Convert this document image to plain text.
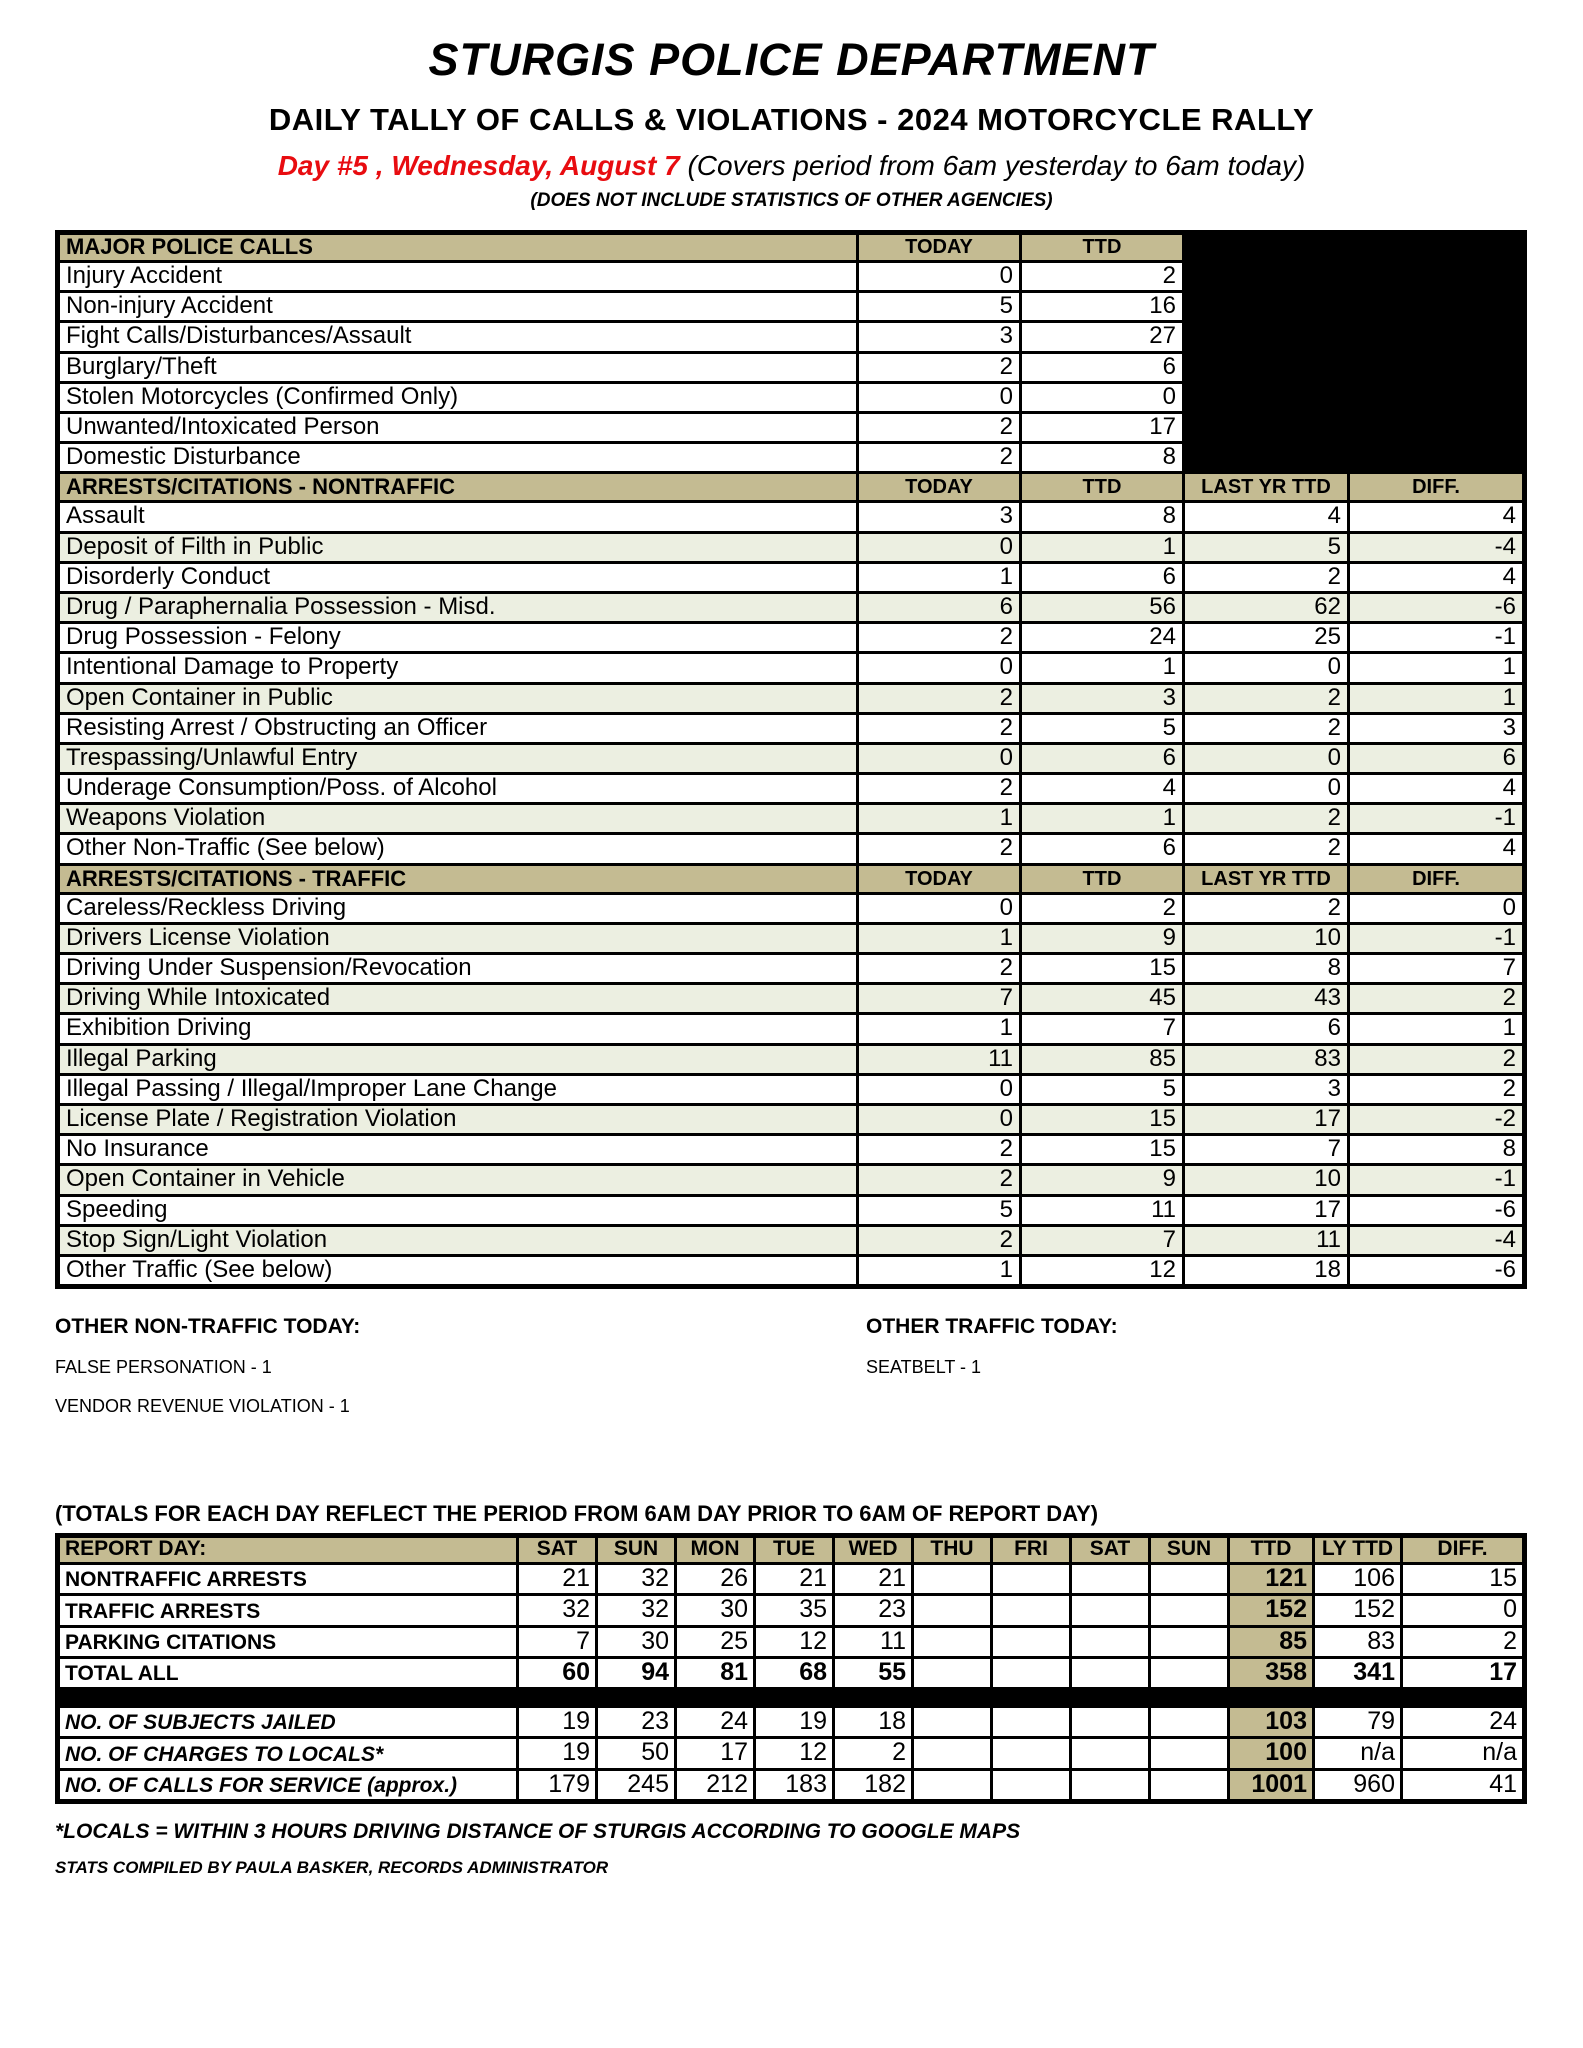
STURGIS POLICE DEPARTMENT
DAILY TALLY OF CALLS & VIOLATIONS - 2024 MOTORCYCLE RALLY
Day #5 , Wednesday, August 7 (Covers period from 6am yesterday to 6am today)
(DOES NOT INCLUDE STATISTICS OF OTHER AGENCIES)
MAJOR POLICE CALLS	TODAY	TTD		
Injury Accident	0	2		
Non-injury Accident	5	16		
Fight Calls/Disturbances/Assault	3	27		
Burglary/Theft	2	6		
Stolen Motorcycles (Confirmed Only)	0	0		
Unwanted/Intoxicated Person	2	17		
Domestic Disturbance	2	8		
ARRESTS/CITATIONS - NONTRAFFIC	TODAY	TTD	LAST YR TTD	DIFF.
Assault	3	8	4	4
Deposit of Filth in Public	0	1	5	-4
Disorderly Conduct	1	6	2	4
Drug / Paraphernalia Possession - Misd.	6	56	62	-6
Drug Possession - Felony	2	24	25	-1
Intentional Damage to Property	0	1	0	1
Open Container in Public	2	3	2	1
Resisting Arrest / Obstructing an Officer	2	5	2	3
Trespassing/Unlawful Entry	0	6	0	6
Underage Consumption/Poss. of Alcohol	2	4	0	4
Weapons Violation	1	1	2	-1
Other Non-Traffic (See below)	2	6	2	4
ARRESTS/CITATIONS - TRAFFIC	TODAY	TTD	LAST YR TTD	DIFF.
Careless/Reckless Driving	0	2	2	0
Drivers License Violation	1	9	10	-1
Driving Under Suspension/Revocation	2	15	8	7
Driving While Intoxicated	7	45	43	2
Exhibition Driving	1	7	6	1
Illegal Parking	11	85	83	2
Illegal Passing / Illegal/Improper Lane Change	0	5	3	2
License Plate / Registration Violation	0	15	17	-2
No Insurance	2	15	7	8
Open Container in Vehicle	2	9	10	-1
Speeding	5	11	17	-6
Stop Sign/Light Violation	2	7	11	-4
Other Traffic (See below)	1	12	18	-6
OTHER NON-TRAFFIC TODAY:
FALSE PERSONATION - 1
VENDOR REVENUE VIOLATION - 1
OTHER TRAFFIC TODAY:
SEATBELT - 1
(TOTALS FOR EACH DAY REFLECT THE PERIOD FROM 6AM DAY PRIOR TO 6AM OF REPORT DAY)
REPORT DAY:	SAT	SUN	MON	TUE	WED	THU	FRI	SAT	SUN	TTD	LY TTD	DIFF.
NONTRAFFIC ARRESTS	21	32	26	21	21					121	106	15
TRAFFIC ARRESTS	32	32	30	35	23					152	152	0
PARKING CITATIONS	7	30	25	12	11					85	83	2
TOTAL ALL	60	94	81	68	55					358	341	17

NO. OF SUBJECTS JAILED	19	23	24	19	18					103	79	24
NO. OF CHARGES TO LOCALS*	19	50	17	12	2					100	n/a	n/a
NO. OF CALLS FOR SERVICE (approx.)	179	245	212	183	182					1001	960	41
*LOCALS = WITHIN 3 HOURS DRIVING DISTANCE OF STURGIS ACCORDING TO GOOGLE MAPS
STATS COMPILED BY PAULA BASKER, RECORDS ADMINISTRATOR
